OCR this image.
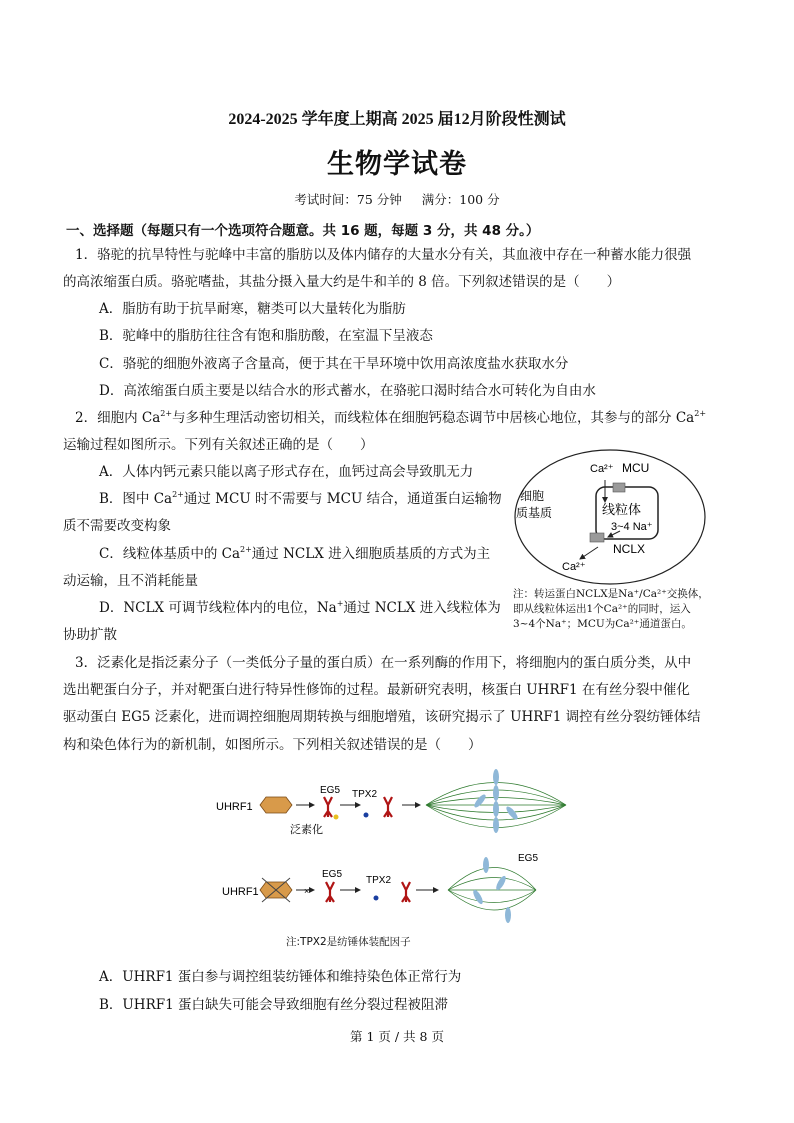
2024-2025 学年度上期高 2025 届12月阶段性测试
生物学试卷
考试时间：75 分钟 满分：100 分
一、选择题（每题只有一个选项符合题意。共 16 题，每题 3 分，共 48 分。）
1．骆驼的抗旱特性与驼峰中丰富的脂肪以及体内储存的大量水分有关，其血液中存在一种蓄水能力很强
的高浓缩蛋白质。骆驼嗜盐，其盐分摄入量大约是牛和羊的 8 倍。下列叙述错误的是（　　）
A．脂肪有助于抗旱耐寒，糖类可以大量转化为脂肪
B．驼峰中的脂肪往往含有饱和脂肪酸，在室温下呈液态
C．骆驼的细胞外液离子含量高，便于其在干旱环境中饮用高浓度盐水获取水分
D．高浓缩蛋白质主要是以结合水的形式蓄水，在骆驼口渴时结合水可转化为自由水
2．细胞内 $Ca^{2+}$与多种生理活动密切相关，而线粒体在细胞钙稳态调节中居核心地位，其参与的部分 $Ca^{2+}$
运输过程如图所示。下列有关叙述正确的是（　　）
A．人体内钙元素只能以离子形式存在，血钙过高会导致肌无力
B．图中 $Ca^{2+}$通过 MCU 时不需要与 MCU 结合，通道蛋白运输物
质不需要改变构象
C．线粒体基质中的 $Ca^{2+}$通过 NCLX 进入细胞质基质的方式为主
动运输，且不消耗能量
D．NCLX 可调节线粒体内的电位，Na+通过 NCLX 进入线粒体为
协助扩散
Ca²⁺ MCU
细胞
质基质	线粒体
3~4 Na⁺
NCLX
Ca²⁺
注：转运蛋白NCLX是Na⁺/Ca²⁺交换体，
即从线粒体运出1个Ca²⁺的同时，运入
3~4个Na⁺；MCU为Ca²⁺通道蛋白。
3．泛素化是指泛素分子（一类低分子量的蛋白质）在一系列酶的作用下，将细胞内的蛋白质分类，从中
选出靶蛋白分子，并对靶蛋白进行特异性修饰的过程。最新研究表明，核蛋白 UHRF1 在有丝分裂中催化
驱动蛋白 EG5 泛素化，进而调控细胞周期转换与细胞增殖，该研究揭示了 UHRF1 调控有丝分裂纺锤体结
构和染色体行为的新机制，如图所示。下列相关叙述错误的是（　　）
UHRF1
EG5
泛素化
TPX2
UHRF1	×
EG5
TPX2
EG5
注:TPX2是纺锤体装配因子
A．UHRF1 蛋白参与调控组装纺锤体和维持染色体正常行为
B．UHRF1 蛋白缺失可能会导致细胞有丝分裂过程被阻滞
第 1 页 / 共 8 页
